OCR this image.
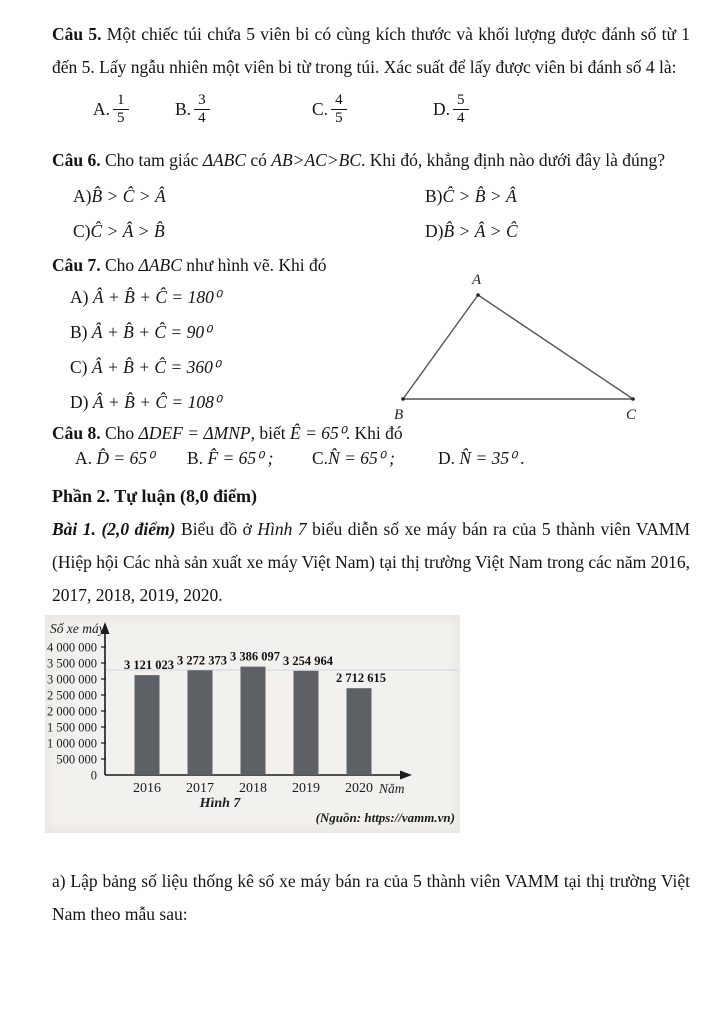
Câu 5. Một chiếc túi chứa 5 viên bi có cùng kích thước và khối lượng được đánh số từ 1 đến 5. Lấy ngẫu nhiên một viên bi từ trong túi. Xác suất để lấy được viên bi đánh số 4 là:

A. $\frac{1}{5}$	B. $\frac{3}{4}$	C. $\frac{4}{5}$	D. $\frac{5}{4}$

Câu 6. Cho tam giác ΔABC có AB>AC>BC. Khi đó, khẳng định nào dưới đây là đúng?

A)B̂ > Ĉ > Â	B)Ĉ > B̂ > Â
C)Ĉ > Â > B̂	D)B̂ > Â > Ĉ

Câu 7. Cho ΔABC như hình vẽ. Khi đó

A) Â + B̂ + Ĉ = 180⁰
B) Â + B̂ + Ĉ = 90⁰
C) Â + B̂ + Ĉ = 360⁰
D) Â + B̂ + Ĉ = 108⁰
A
B	C

Câu 8. Cho ΔDEF = ΔMNP, biết Ê = 65⁰. Khi đó

A. D̂ = 65⁰ B. F̂ = 65⁰ ; C.N̂ = 65⁰ ; D. N̂ = 35⁰ .

Phần 2. Tự luận (8,0 điểm)

Bài 1. (2,0 điểm) Biểu đồ ở Hình 7 biểu diễn số xe máy bán ra của 5 thành viên VAMM (Hiệp hội Các nhà sản xuất xe máy Việt Nam) tại thị trường Việt Nam trong các năm 2016, 2017, 2018, 2019, 2020.

0
500 000
1 000 000
1 500 000
2 000 000
2 500 000
3 000 000
3 500 000
4 000 000
3 121 023
2016
3 272 373
2017
3 386 097
2018
3 254 964
2019
2 712 615
2020
Số xe máy
Năm
Hình 7
(Nguồn: https://vamm.vn)

a) Lập bảng số liệu thống kê số xe máy bán ra của 5 thành viên VAMM tại thị trường Việt Nam theo mẫu sau:
